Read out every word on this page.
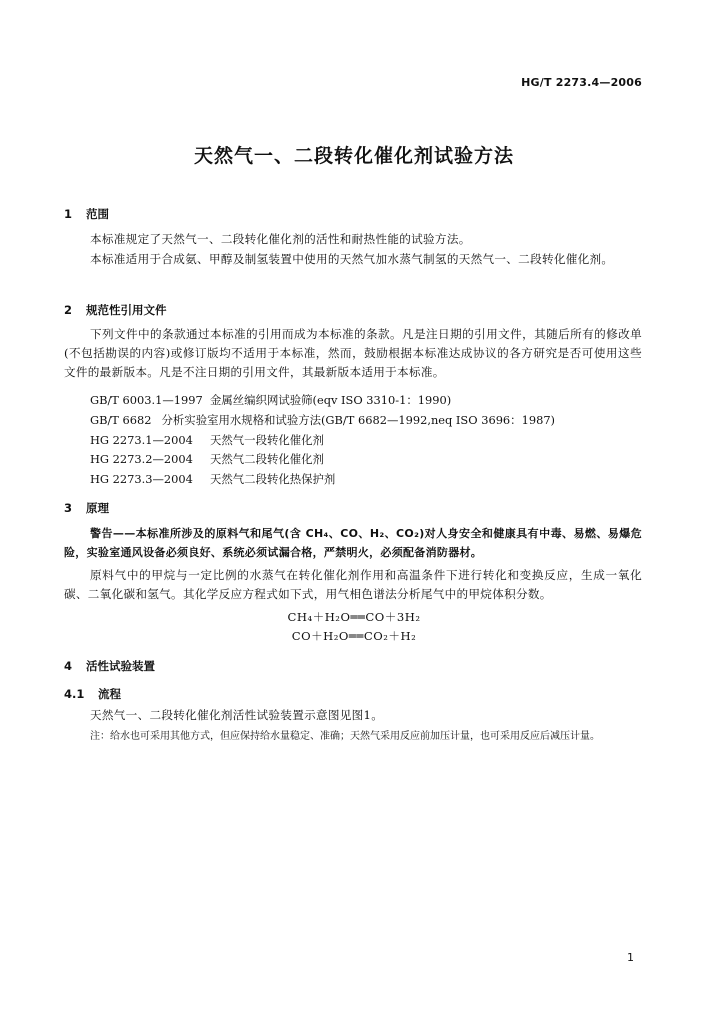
HG/T 2273.4—2006
天然气一、二段转化催化剂试验方法
1 范围
本标准规定了天然气一、二段转化催化剂的活性和耐热性能的试验方法。
本标准适用于合成氨、甲醇及制氢装置中使用的天然气加水蒸气制氢的天然气一、二段转化催化剂。
2 规范性引用文件
下列文件中的条款通过本标准的引用而成为本标准的条款。凡是注日期的引用文件，其随后所有的修改单(不包括勘误的内容)或修订版均不适用于本标准，然而，鼓励根据本标准达成协议的各方研究是否可使用这些文件的最新版本。凡是不注日期的引用文件，其最新版本适用于本标准。
GB/T 6003.1—1997 金属丝编织网试验筛(eqv ISO 3310-1：1990)
GB/T 6682 分析实验室用水规格和试验方法(GB/T 6682—1992,neq ISO 3696：1987)
HG 2273.1—2004 天然气一段转化催化剂
HG 2273.2—2004 天然气二段转化催化剂
HG 2273.3—2004 天然气二段转化热保护剂
3 原理
警告——本标准所涉及的原料气和尾气(含 CH₄、CO、H₂、CO₂)对人身安全和健康具有中毒、易燃、易爆危险，实验室通风设备必须良好、系统必须试漏合格，严禁明火，必须配备消防器材。
原料气中的甲烷与一定比例的水蒸气在转化催化剂作用和高温条件下进行转化和变换反应，生成一氧化碳、二氧化碳和氢气。其化学反应方程式如下式，用气相色谱法分析尾气中的甲烷体积分数。
CH₄＋H₂O══CO＋3H₂
CO＋H₂O══CO₂＋H₂
4 活性试验装置
4.1 流程
天然气一、二段转化催化剂活性试验装置示意图见图1。
注：给水也可采用其他方式，但应保持给水量稳定、准确；天然气采用反应前加压计量，也可采用反应后减压计量。
1
